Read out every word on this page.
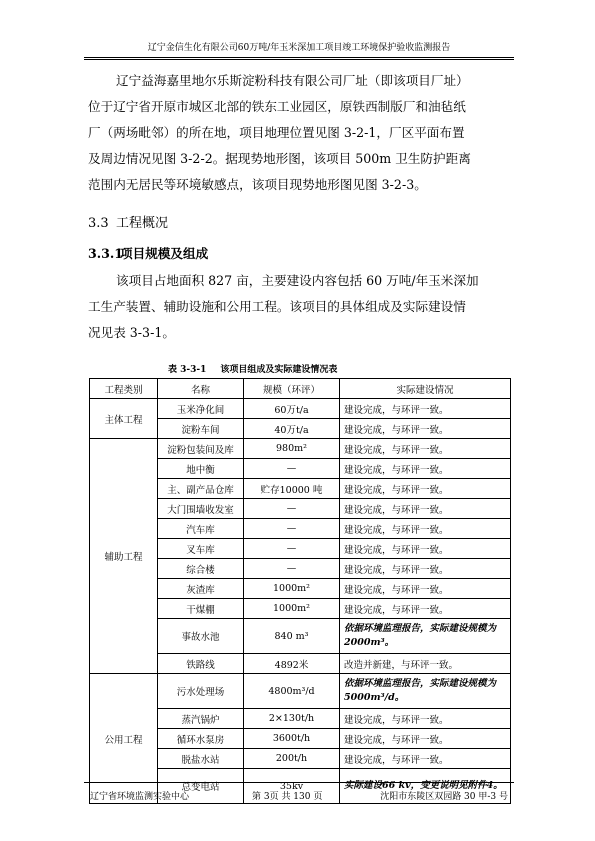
辽宁金信生化有限公司60万吨/年玉米深加工项目竣工环境保护验收监测报告
辽宁益海嘉里地尔乐斯淀粉科技有限公司厂址（即该项目厂址）
位于辽宁省开原市城区北部的铁东工业园区，原铁西制版厂和油毡纸
厂（两场毗邻）的所在地，项目地理位置见图 3-2-1，厂区平面布置
及周边情况见图 3-2-2。据现势地形图，该项目 500m 卫生防护距离
范围内无居民等环境敏感点，该项目现势地形图见图 3-2-3。
3.3 工程概况
3.3.1项目规模及组成
该项目占地面积 827 亩，主要建设内容包括 60 万吨/年玉米深加
工生产装置、辅助设施和公用工程。该项目的具体组成及实际建设情
况见表 3-3-1。
表 3-3-1 该项目组成及实际建设情况表
工程类别	名称	规模（环评）	实际建设情况
主体工程	玉米净化间	60万t/a	建设完成，与环评一致。
	淀粉车间	40万t/a	建设完成，与环评一致。
辅助工程	淀粉包装间及库	980m²	建设完成，与环评一致。
	地中衡	—	建设完成，与环评一致。
	主、副产品仓库	贮存10000 吨	建设完成，与环评一致。
	大门围墙收发室	—	建设完成，与环评一致。
	汽车库	—	建设完成，与环评一致。
	叉车库	—	建设完成，与环评一致。
	综合楼	—	建设完成，与环评一致。
	灰渣库	1000m²	建设完成，与环评一致。
	干煤棚	1000m²	建设完成，与环评一致。
	事故水池	840 m³	依据环境监理报告，实际建设规模为2000m³。
	铁路线	4892米	改造并新建，与环评一致。
公用工程	污水处理场	4800m³/d	依据环境监理报告，实际建设规模为5000m³/d。
	蒸汽锅炉	2×130t/h	建设完成，与环评一致。
	循环水泵房	3600t/h	建设完成，与环评一致。
	脱盐水站	200t/h	建设完成，与环评一致。
	总变电站	35kv	实际建设66 kv，变更说明见附件4。
辽宁省环境监测实验中心	第 3页 共 130 页	沈阳市东陵区双园路 30 甲-3 号
